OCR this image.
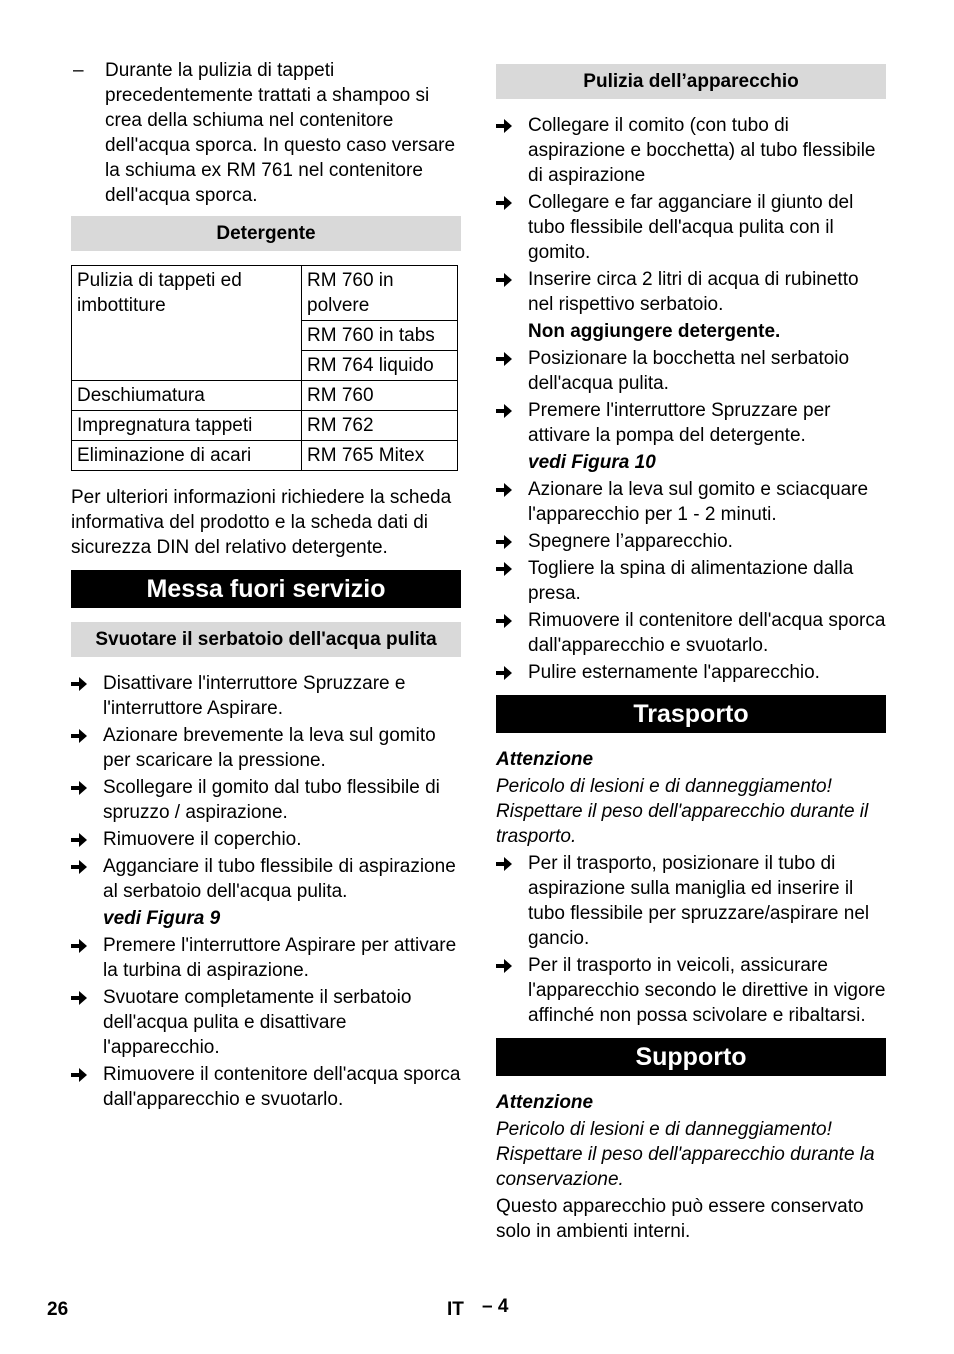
–	Durante la pulizia di tappeti precedentemente trattati a shampoo si crea della schiuma nel contenitore dell'acqua sporca. In questo caso versare la schiuma ex RM 761 nel contenitore dell'acqua sporca.
Detergente
Pulizia di tappeti ed imbottiture	RM 760 in polvere
	RM 760 in tabs
	RM 764 liquido
Deschiumatura	RM 760
Impregnatura tappeti	RM 762
Eliminazione di acari	RM 765 Mitex

Per ulteriori informazioni richiedere la scheda informativa del prodotto e la scheda dati di sicurezza DIN del relativo detergente.

Messa fuori servizio
Svuotare il serbatoio dell'acqua pulita
Disattivare l'interruttore Spruzzare e l'interruttore Aspirare.
Azionare brevemente la leva sul gomito per scaricare la pressione.
Scollegare il gomito dal tubo flessibile di spruzzo / aspirazione.
Rimuovere il coperchio.
Agganciare il tubo flessibile di aspirazione al serbatoio dell'acqua pulita.
vedi Figura 9
Premere l'interruttore Aspirare per attivare la turbina di aspirazione.
Svuotare completamente il serbatoio dell'acqua pulita e disattivare l'apparecchio.
Rimuovere il contenitore dell'acqua sporca dall'apparecchio e svuotarlo.
Pulizia dell’apparecchio
Collegare il comito (con tubo di aspirazione e bocchetta) al tubo flessibile di aspirazione
Collegare e far agganciare il giunto del tubo flessibile dell'acqua pulita con il gomito.
Inserire circa 2 litri di acqua di rubinetto nel rispettivo serbatoio.
Non aggiungere detergente.
Posizionare la bocchetta nel serbatoio dell'acqua pulita.
Premere l'interruttore Spruzzare per attivare la pompa del detergente.
vedi Figura 10
Azionare la leva sul gomito e sciacquare l'apparecchio per 1 - 2 minuti.
Spegnere l’apparecchio.
Togliere la spina di alimentazione dalla presa.
Rimuovere il contenitore dell'acqua sporca dall'apparecchio e svuotarlo.
Pulire esternamente l'apparecchio.
Trasporto

Attenzione

Pericolo di lesioni e di danneggiamento! Rispettare il peso dell'apparecchio durante il trasporto.

Per il trasporto, posizionare il tubo di aspirazione sulla maniglia ed inserire il tubo flessibile per spruzzare/aspirare nel gancio.
Per il trasporto in veicoli, assicurare l'apparecchio secondo le direttive in vigore affinché non possa scivolare e ribaltarsi.
Supporto

Attenzione

Pericolo di lesioni e di danneggiamento! Rispettare il peso dell'apparecchio durante la conservazione.

Questo apparecchio può essere conservato solo in ambienti interni.

26	IT – 4
